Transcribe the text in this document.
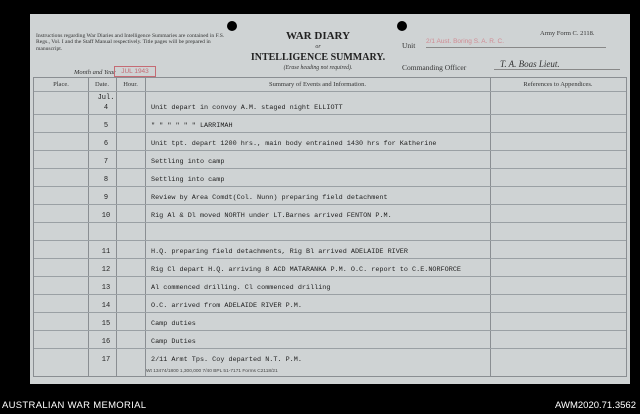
Instructions regarding War Diaries and Intelligence Summaries are contained in F.S. Regs., Vol. I and the Staff Manual respectively. Title pages will be prepared in manuscript.
Month and Year JUL 1943
WAR DIARY
or
INTELLIGENCE SUMMARY.
(Erase heading not required).
Army Form C. 2118.
Unit 2/1 Aust. Boring S. A. R. C.
Commanding Officer	T. A. Boas Lieut.
Place.	Date.	Hour.	Summary of Events and Information.	References to Appendices.
Jul.
4	Unit depart in convoy A.M. staged night ELLIOTT
5	" " " " " " LARRIMAH
6	Unit tpt. depart 1200 hrs., main body entrained 1430 hrs for Katherine
7	Settling into camp
8	Settling into camp
9	Review by Area Comdt(Col. Nunn) preparing field detachment
10	Rig Al & Dl moved NORTH under LT.Barnes arrived FENTON P.M.
11	H.Q. preparing field detachments, Rig Bl arrived ADELAIDE RIVER
12	Rig Cl depart H.Q. arriving 8 ACD MATARANKA P.M. O.C. report to C.E.NORFORCE
13	Al commenced drilling. Cl commenced drilling
14	O.C. arrived from ADELAIDE RIVER P.M.
15	Camp duties
16	Camp Duties
17	2/11 Armt Tps. Coy departed N.T. P.M.
Wt 13474/1800 1,300,000 7/40 BPL 51-7171 Forms C2118/21
AUSTRALIAN WAR MEMORIAL	AWM2020.71.3562
